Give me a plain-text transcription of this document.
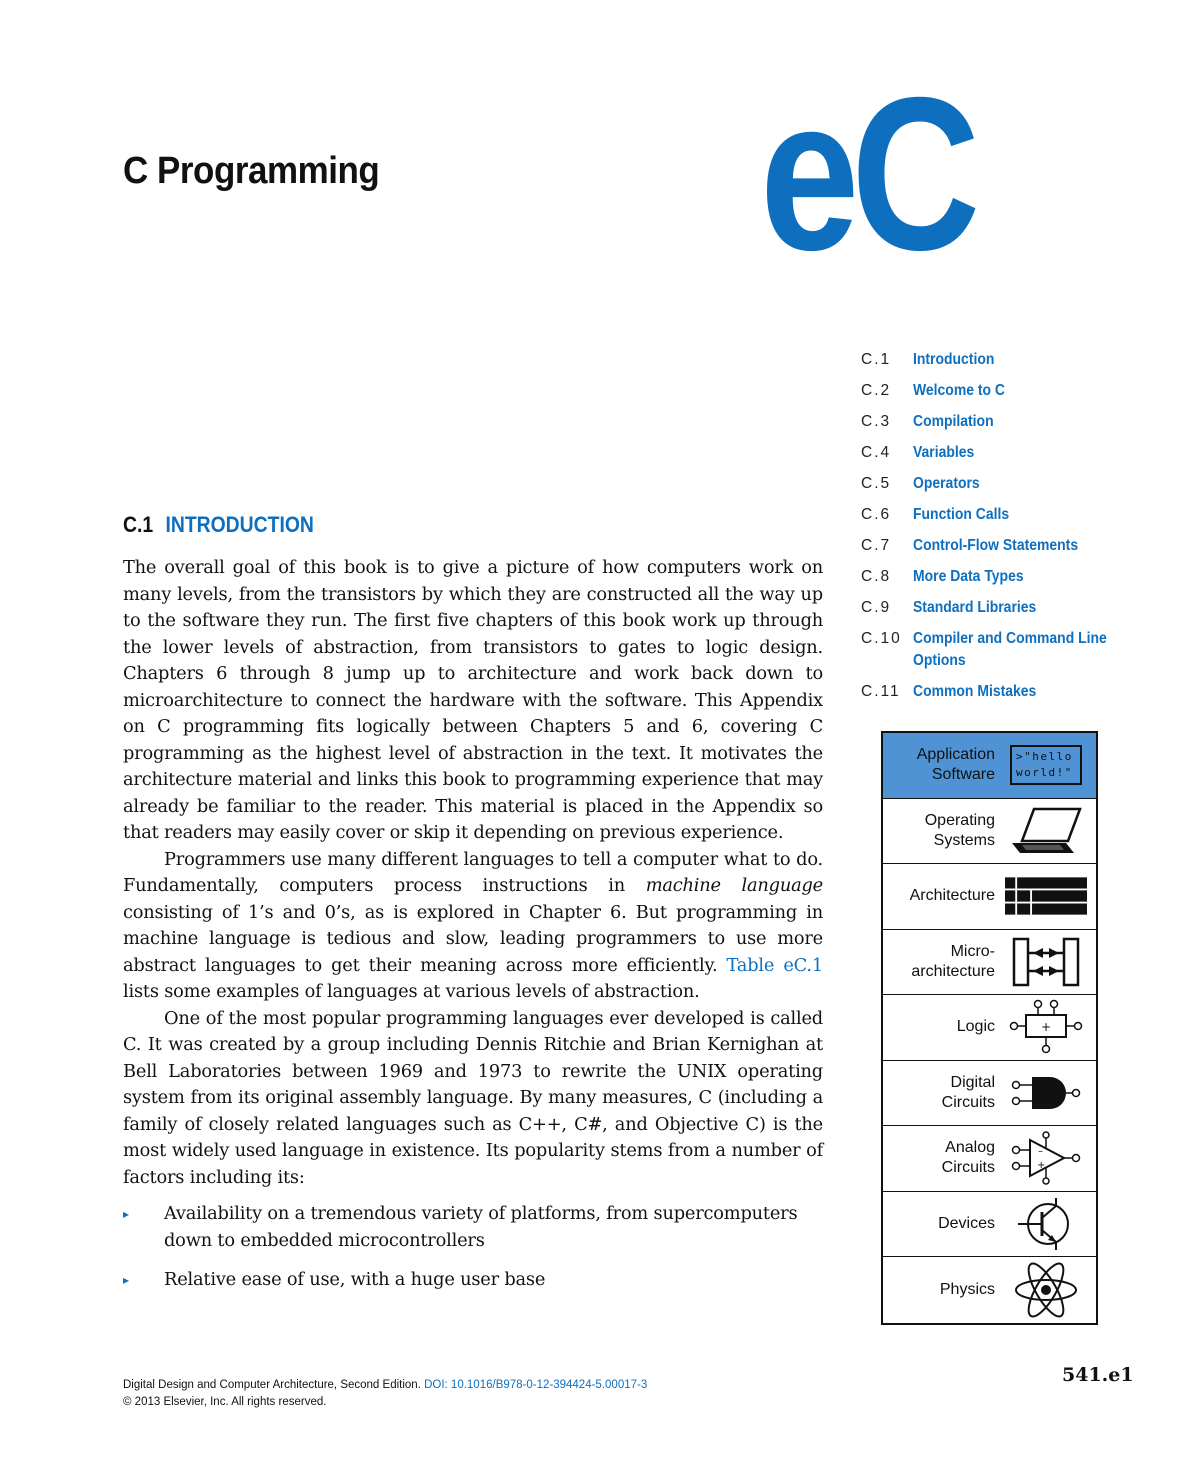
C Programming eC
C.1	Introduction
C.2	Welcome to C
C.3	Compilation
C.4	Variables
C.5	Operators
C.6	Function Calls
C.7	Control-Flow Statements
C.8	More Data Types
C.9	Standard Libraries
C.10 Compiler and Command Line Options
C.11 Common Mistakes
C.1 INTRODUCTION

The overall goal of this book is to give a picture of how computers work on many levels, from the transistors by which they are constructed all the way up to the software they run. The first five chapters of this book work up through the lower levels of abstraction, from transistors to gates to logic design. Chapters 6 through 8 jump up to architecture and work back down to microarchitecture to connect the hardware with the software. This Appendix on C programming fits logically between Chapters 5 and 6, covering C programming as the highest level of abstraction in the text. It motivates the architecture material and links this book to programming experience that may already be familiar to the reader. This material is placed in the Appendix so that readers may easily cover or skip it depending on previous experience.

Programmers use many different languages to tell a computer what to do. Fundamentally, computers process instructions in machine language consisting of 1’s and 0’s, as is explored in Chapter 6. But programming in machine language is tedious and slow, leading programmers to use more abstract languages to get their meaning across more efficiently. Table eC.1 lists some examples of languages at various levels of abstraction.

One of the most popular programming languages ever developed is called C. It was created by a group including Dennis Ritchie and Brian Kernighan at Bell Laboratories between 1969 and 1973 to rewrite the UNIX operating system from its original assembly language. By many measures, C (including a family of closely related languages such as C++, C#, and Objective C) is the most widely used language in existence. Its popularity stems from a number of factors including its:

▸ Availability on a tremendous variety of platforms, from supercomputers down to embedded microcontrollers
▸ Relative ease of use, with a huge user base
Application
Software
>"hello world!"
Operating
Systems
Architecture
Micro-
architecture
Logic	+
Digital
Circuits
Analog
Circuits
–
+
Devices
Physics
Digital Design and Computer Architecture, Second Edition. DOI: 10.1016/B978-0-12-394424-5.00017-3
© 2013 Elsevier, Inc. All rights reserved.
541.e1
